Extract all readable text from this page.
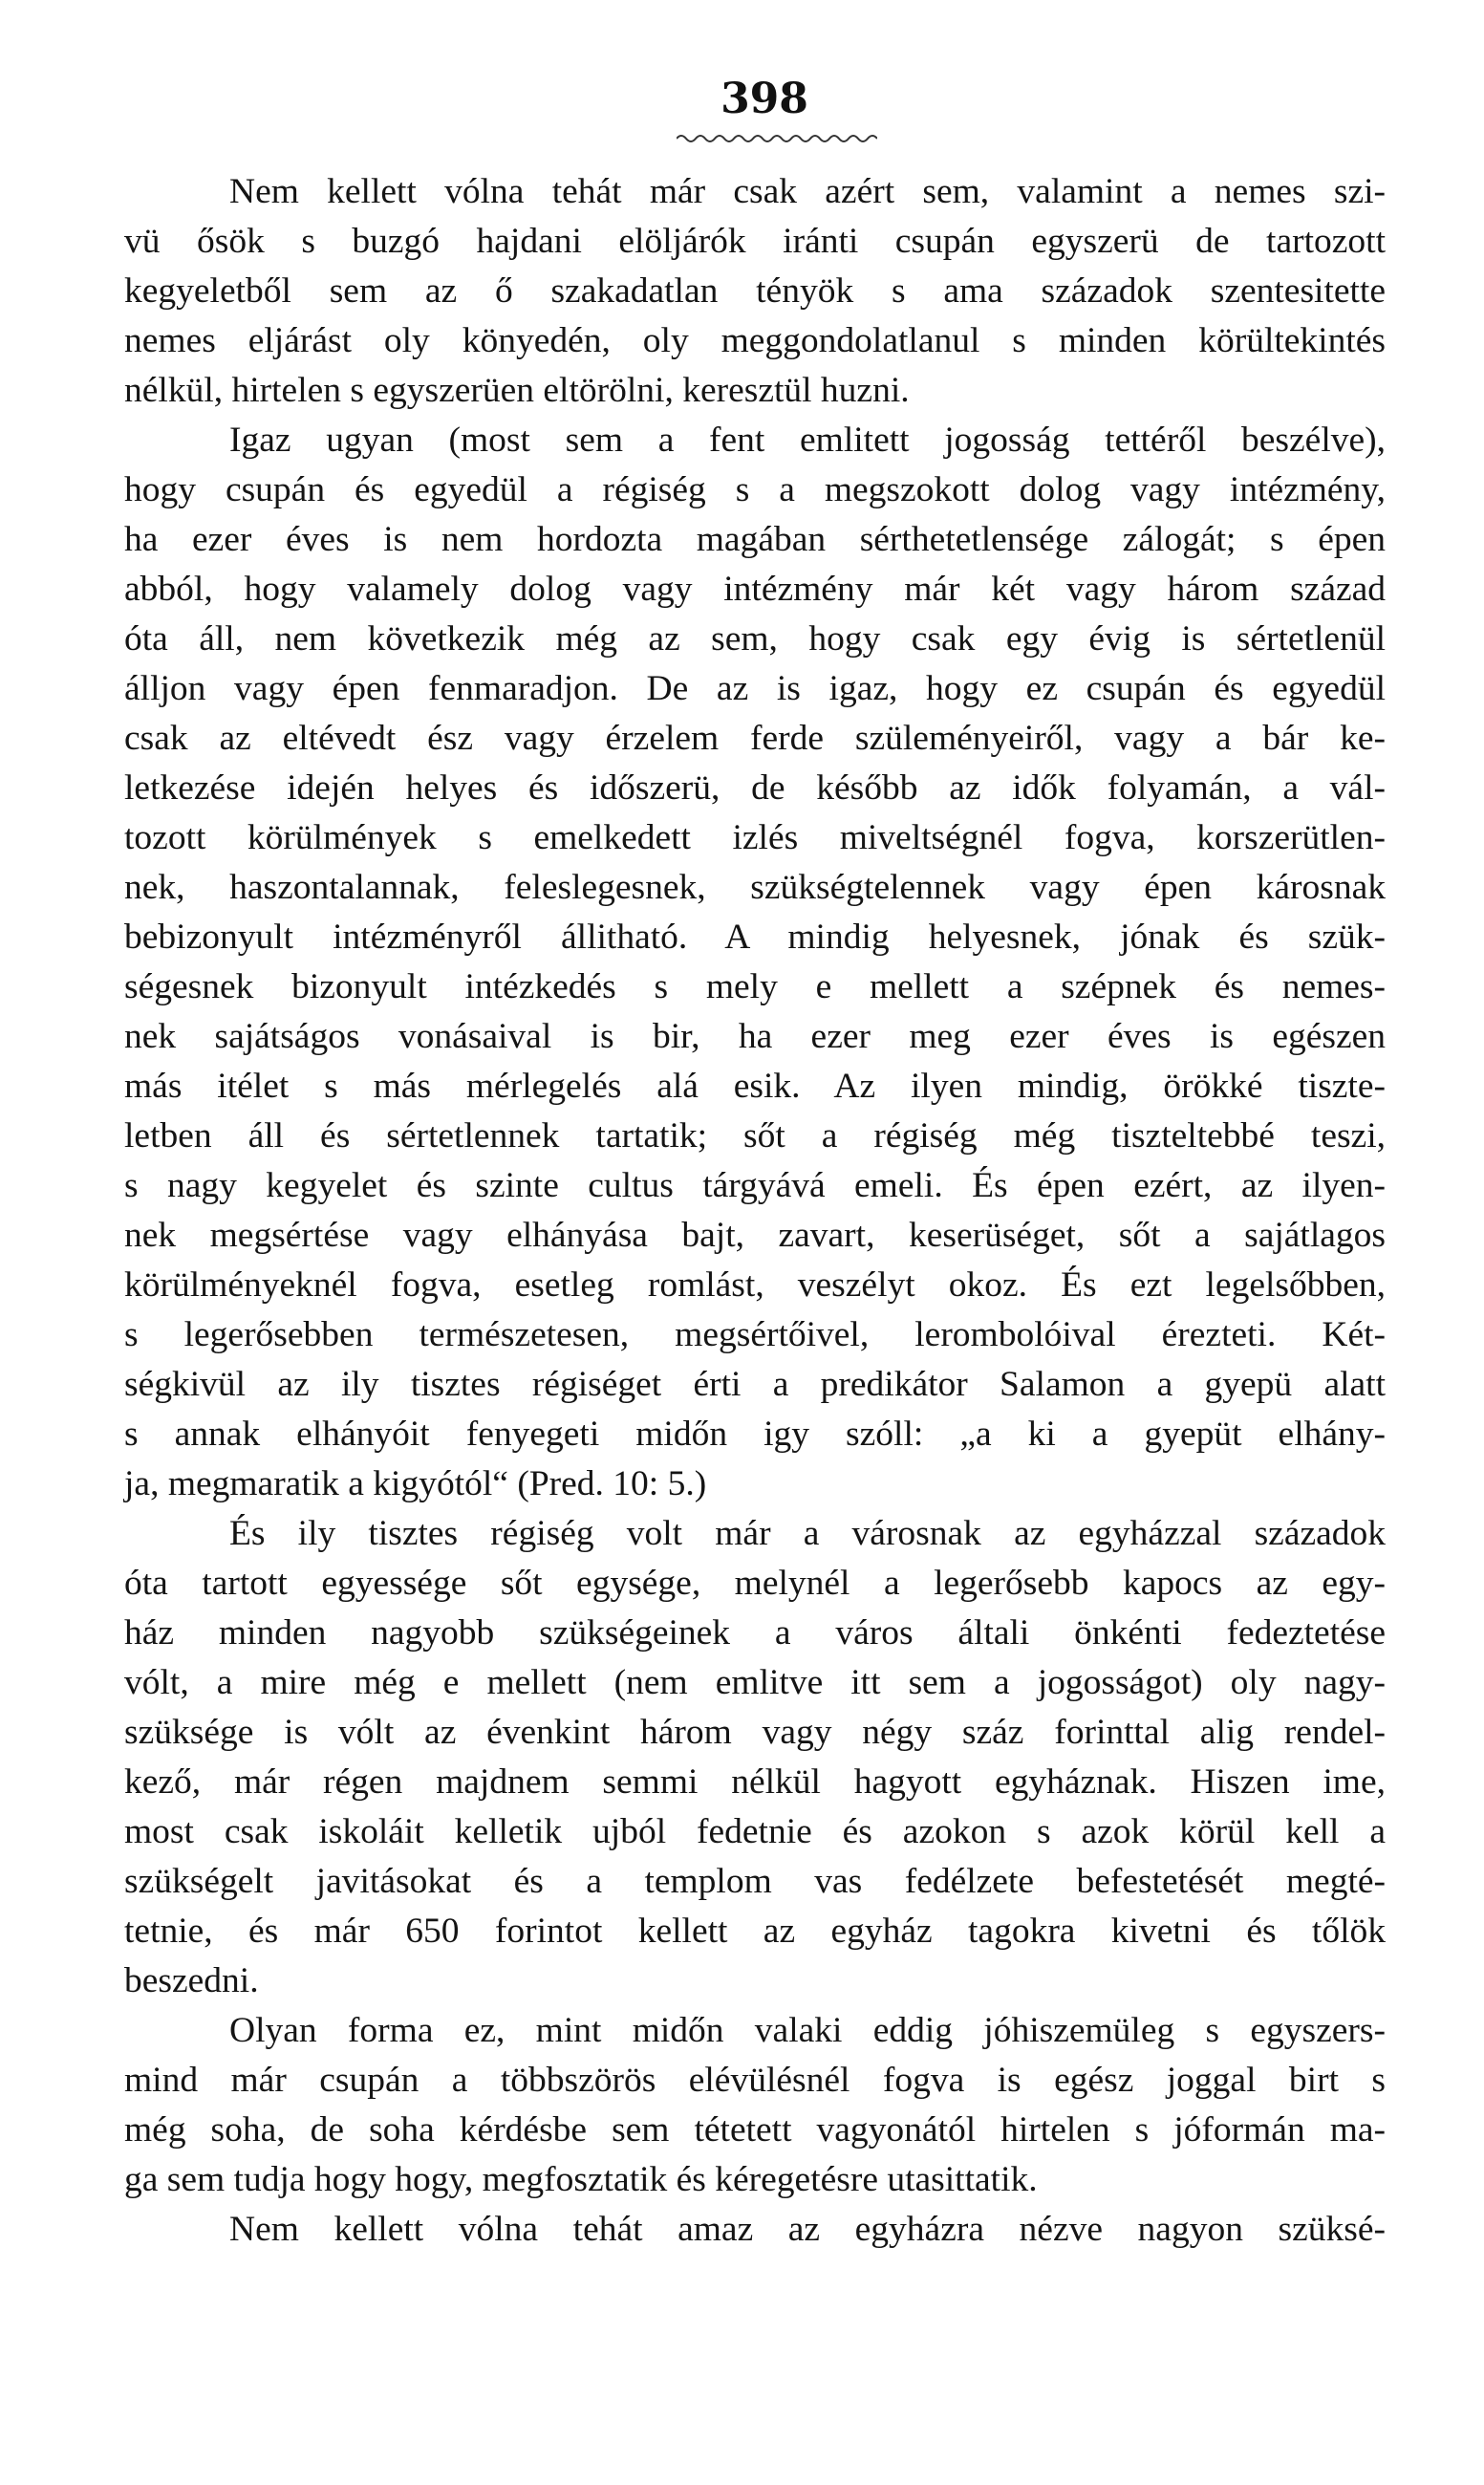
398
Nem kellett vólna tehát már csak azért sem, valamint a nemes szi-
vü ősök s buzgó hajdani elöljárók iránti csupán egyszerü de tartozott
kegyeletből sem az ő szakadatlan tényök s ama századok szentesitette
nemes eljárást oly könyedén, oly meggondolatlanul s minden körültekintés
nélkül, hirtelen s egyszerüen eltörölni, keresztül huzni.
Igaz ugyan (most sem a fent emlitett jogosság tettéről beszélve),
hogy csupán és egyedül a régiség s a megszokott dolog vagy intézmény,
ha ezer éves is nem hordozta magában sérthetetlensége zálogát; s épen
abból, hogy valamely dolog vagy intézmény már két vagy három század
óta áll, nem következik még az sem, hogy csak egy évig is sértetlenül
álljon vagy épen fenmaradjon. De az is igaz, hogy ez csupán és egyedül
csak az eltévedt ész vagy érzelem ferde szüleményeiről, vagy a bár ke-
letkezése idején helyes és időszerü, de később az idők folyamán, a vál-
tozott körülmények s emelkedett izlés miveltségnél fogva, korszerütlen-
nek, haszontalannak, feleslegesnek, szükségtelennek vagy épen károsnak
bebizonyult intézményről állitható. A mindig helyesnek, jónak és szük-
ségesnek bizonyult intézkedés s mely e mellett a szépnek és nemes-
nek sajátságos vonásaival is bir, ha ezer meg ezer éves is egészen
más itélet s más mérlegelés alá esik. Az ilyen mindig, örökké tiszte-
letben áll és sértetlennek tartatik; sőt a régiség még tiszteltebbé teszi,
s nagy kegyelet és szinte cultus tárgyává emeli. És épen ezért, az ilyen-
nek megsértése vagy elhányása bajt, zavart, keserüséget, sőt a sajátlagos
körülményeknél fogva, esetleg romlást, veszélyt okoz. És ezt legelsőbben,
s legerősebben természetesen, megsértőivel, lerombolóival érezteti. Két-
ségkivül az ily tisztes régiséget érti a predikátor Salamon a gyepü alatt
s annak elhányóit fenyegeti midőn igy szóll: „a ki a gyepüt elhány-
ja, megmaratik a kigyótól“ (Pred. 10: 5.)
És ily tisztes régiség volt már a városnak az egyházzal századok
óta tartott egyessége sőt egysége, melynél a legerősebb kapocs az egy-
ház minden nagyobb szükségeinek a város általi önkénti fedeztetése
vólt, a mire még e mellett (nem emlitve itt sem a jogosságot) oly nagy-
szüksége is vólt az évenkint három vagy négy száz forinttal alig rendel-
kező, már régen majdnem semmi nélkül hagyott egyháznak. Hiszen ime,
most csak iskoláit kelletik ujból fedetnie és azokon s azok körül kell a
szükségelt javitásokat és a templom vas fedélzete befestetését megté-
tetnie, és már 650 forintot kellett az egyház tagokra kivetni és tőlök
beszedni.
Olyan forma ez, mint midőn valaki eddig jóhiszemüleg s egyszers-
mind már csupán a többszörös elévülésnél fogva is egész joggal birt s
még soha, de soha kérdésbe sem tétetett vagyonától hirtelen s jóformán ma-
ga sem tudja hogy hogy, megfosztatik és kéregetésre utasittatik.
Nem kellett vólna tehát amaz az egyházra nézve nagyon szüksé-
